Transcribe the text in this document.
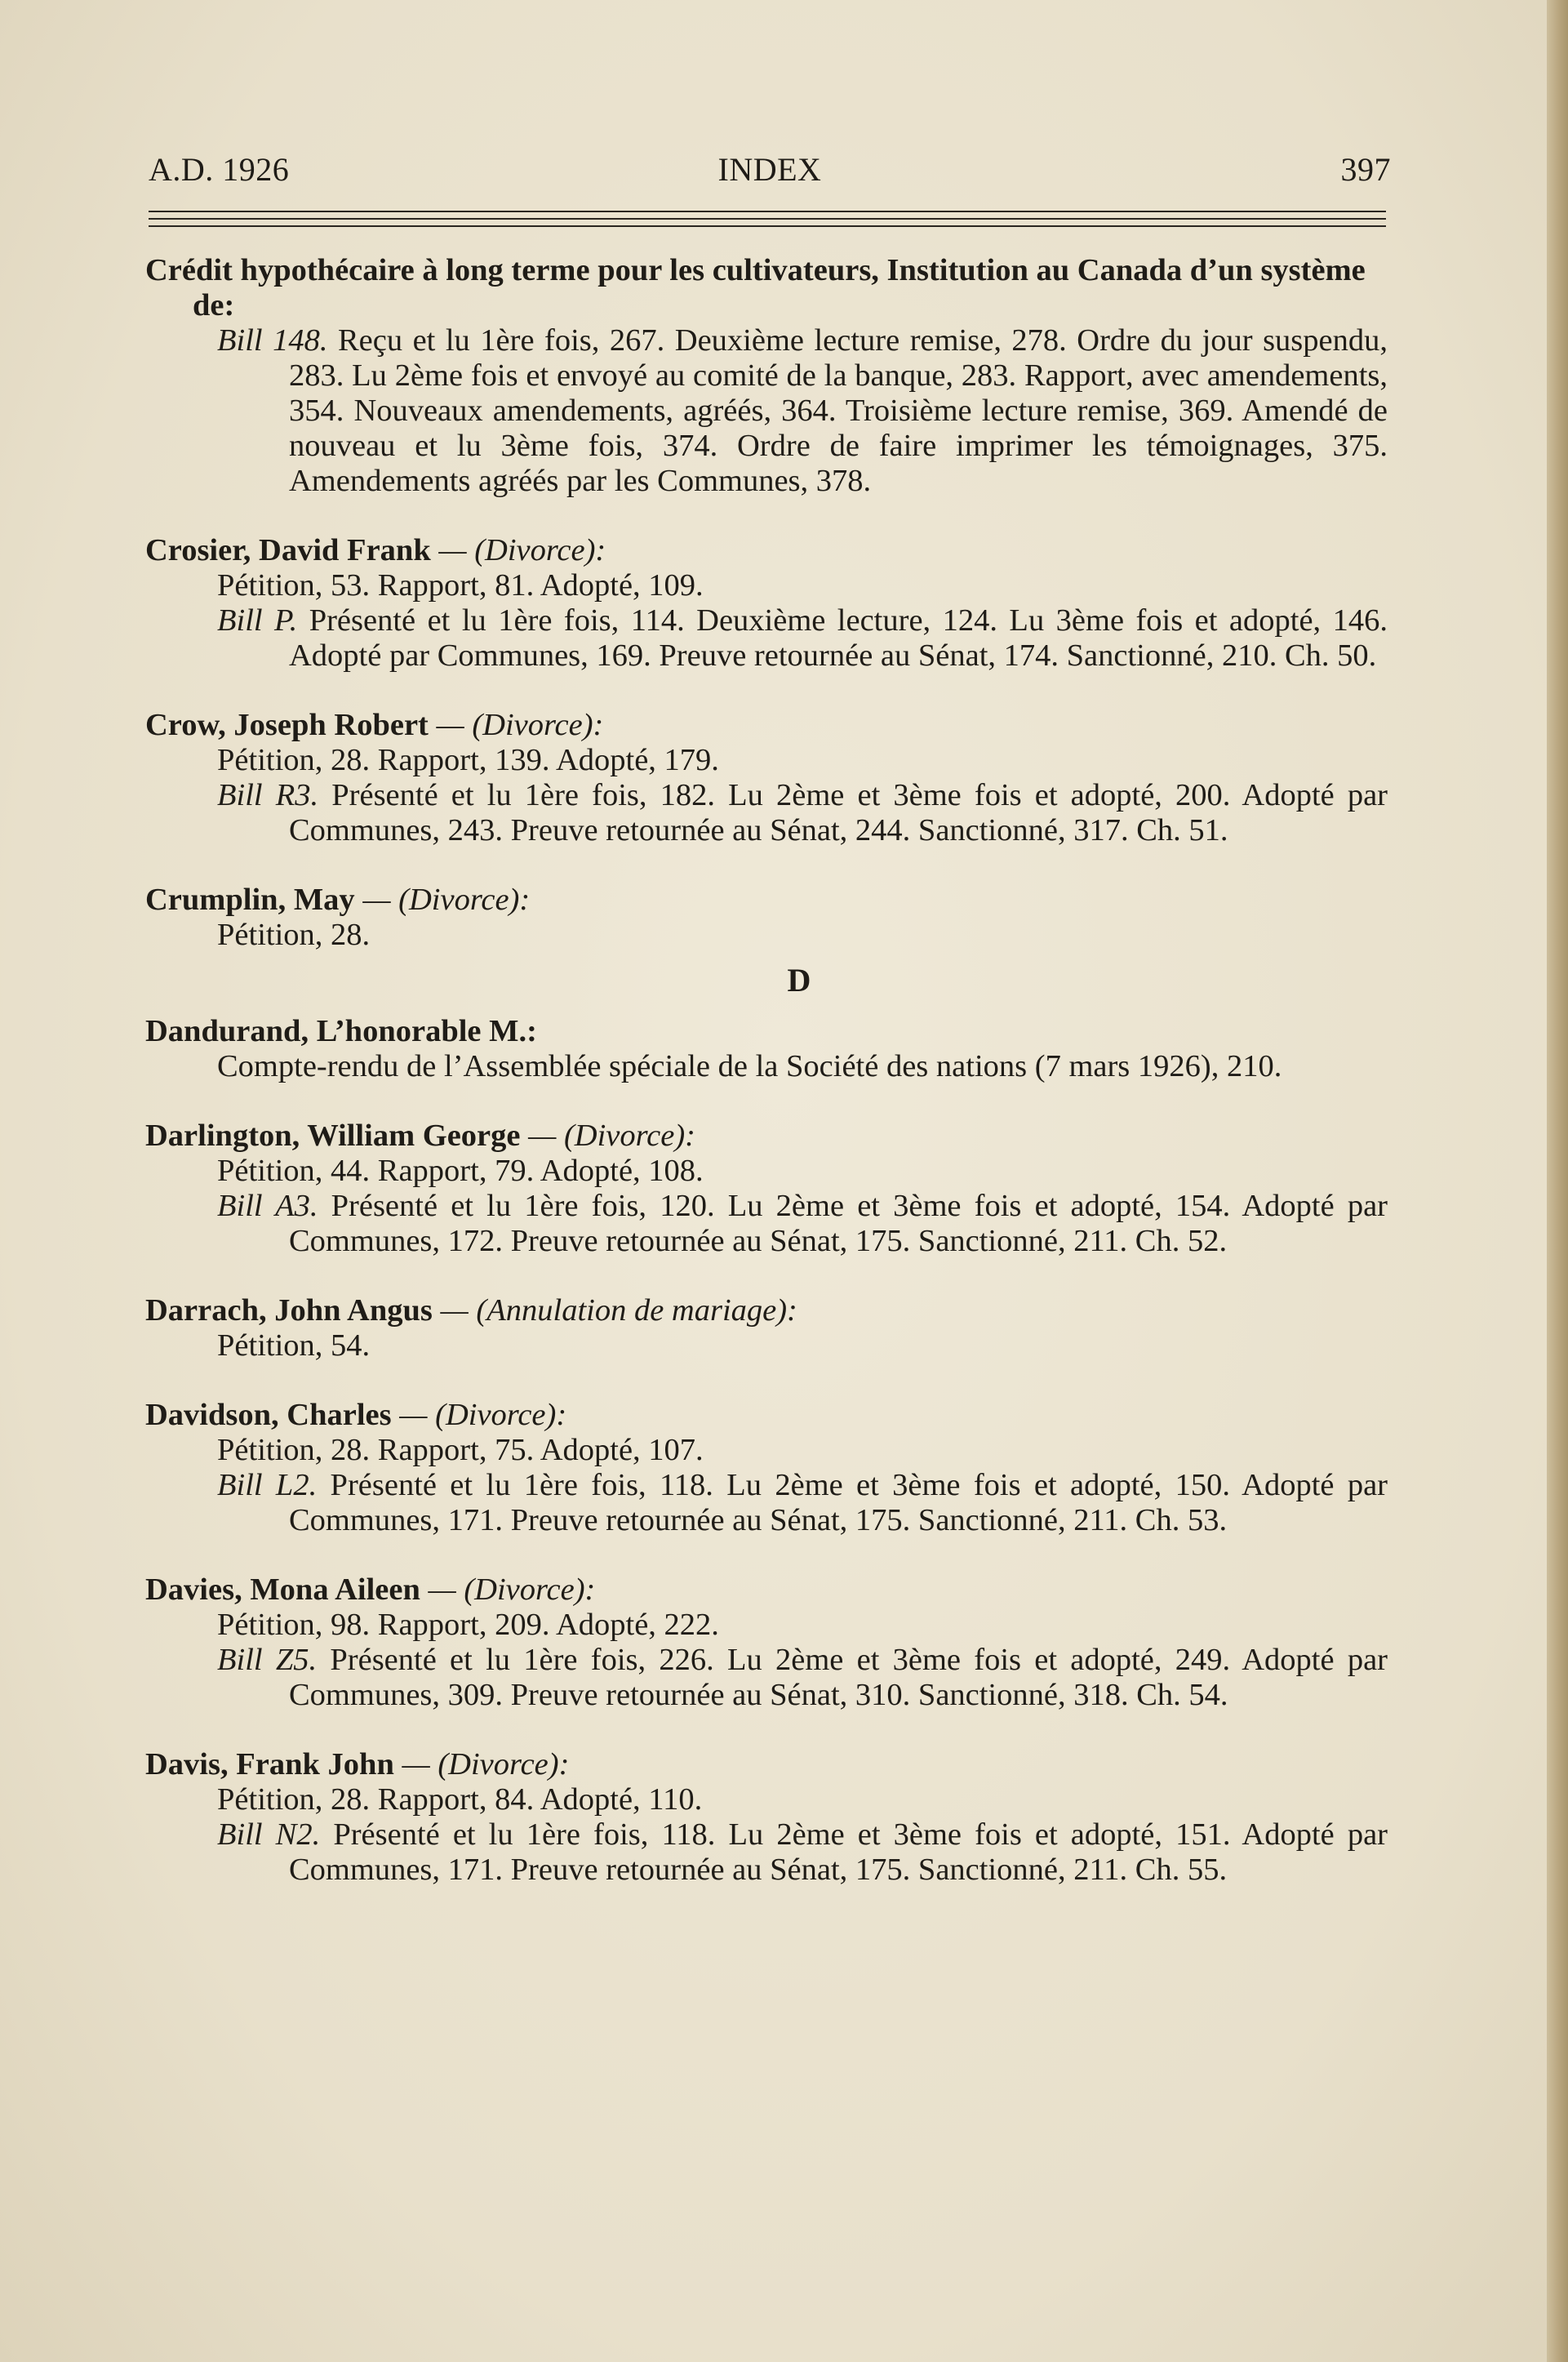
A.D. 1926	INDEX	397
Crédit hypothécaire à long terme pour les cultivateurs, Institution au Canada d’un système de:
Bill 148. Reçu et lu 1ère fois, 267. Deuxième lecture remise, 278. Ordre du jour suspendu, 283. Lu 2ème fois et envoyé au comité de la banque, 283. Rapport, avec amendements, 354. Nouveaux amendements, agréés, 364. Troisième lecture remise, 369. Amendé de nouveau et lu 3ème fois, 374. Ordre de faire imprimer les témoignages, 375. Amendements agréés par les Communes, 378.
Crosier, David Frank — (Divorce):
Pétition, 53. Rapport, 81. Adopté, 109.
Bill P. Présenté et lu 1ère fois, 114. Deuxième lecture, 124. Lu 3ème fois et adopté, 146. Adopté par Communes, 169. Preuve retournée au Sénat, 174. Sanctionné, 210. Ch. 50.
Crow, Joseph Robert — (Divorce):
Pétition, 28. Rapport, 139. Adopté, 179.
Bill R3. Présenté et lu 1ère fois, 182. Lu 2ème et 3ème fois et adopté, 200. Adopté par Communes, 243. Preuve retournée au Sénat, 244. Sanctionné, 317. Ch. 51.
Crumplin, May — (Divorce):
Pétition, 28.
D
Dandurand, L’honorable M.:
Compte-rendu de l’Assemblée spéciale de la Société des nations (7 mars 1926), 210.
Darlington, William George — (Divorce):
Pétition, 44. Rapport, 79. Adopté, 108.
Bill A3. Présenté et lu 1ère fois, 120. Lu 2ème et 3ème fois et adopté, 154. Adopté par Communes, 172. Preuve retournée au Sénat, 175. Sanctionné, 211. Ch. 52.
Darrach, John Angus — (Annulation de mariage):
Pétition, 54.
Davidson, Charles — (Divorce):
Pétition, 28. Rapport, 75. Adopté, 107.
Bill L2. Présenté et lu 1ère fois, 118. Lu 2ème et 3ème fois et adopté, 150. Adopté par Communes, 171. Preuve retournée au Sénat, 175. Sanctionné, 211. Ch. 53.
Davies, Mona Aileen — (Divorce):
Pétition, 98. Rapport, 209. Adopté, 222.
Bill Z5. Présenté et lu 1ère fois, 226. Lu 2ème et 3ème fois et adopté, 249. Adopté par Communes, 309. Preuve retournée au Sénat, 310. Sanctionné, 318. Ch. 54.
Davis, Frank John — (Divorce):
Pétition, 28. Rapport, 84. Adopté, 110.
Bill N2. Présenté et lu 1ère fois, 118. Lu 2ème et 3ème fois et adopté, 151. Adopté par Communes, 171. Preuve retournée au Sénat, 175. Sanctionné, 211. Ch. 55.
